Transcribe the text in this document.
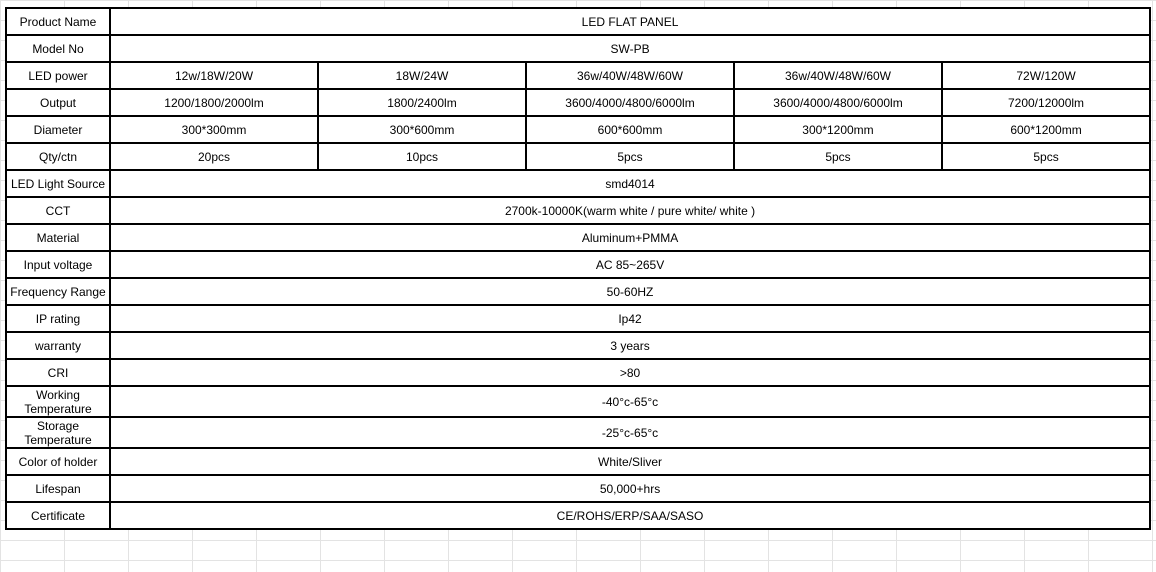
Product Name	LED FLAT PANEL				
Model No	SW-PB				
LED power	12w/18W/20W	18W/24W	36w/40W/48W/60W	36w/40W/48W/60W	72W/120W
Output	1200/1800/2000lm	1800/2400lm	3600/4000/4800/6000lm	3600/4000/4800/6000lm	7200/12000lm
Diameter	300*300mm	300*600mm	600*600mm	300*1200mm	600*1200mm
Qty/ctn	20pcs	10pcs	5pcs	5pcs	5pcs
LED Light Source	smd4014				
CCT	2700k-10000K(warm white / pure white/ white )				
Material	Aluminum+PMMA				
Input voltage	AC 85~265V				
Frequency Range	50-60HZ				
IP rating	Ip42				
warranty	3 years				
CRI	>80				
Working Temperature	-40°c-65°c				
Storage Temperature	-25°c-65°c				
Color of holder	White/Sliver				
Lifespan	50,000+hrs				
Certificate	CE/ROHS/ERP/SAA/SASO				
